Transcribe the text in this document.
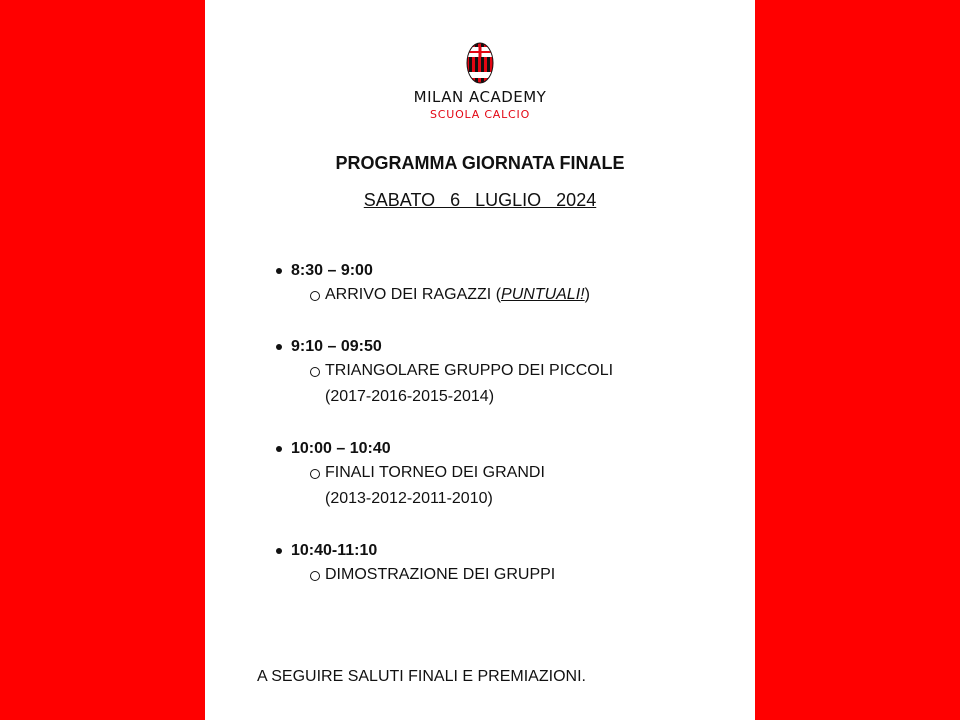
MILAN ACADEMY
SCUOLA CALCIO
PROGRAMMA GIORNATA FINALE
SABATO   6   LUGLIO   2024
8:30 – 9:00
ARRIVO DEI RAGAZZI (PUNTUALI!)
9:10 – 09:50
TRIANGOLARE GRUPPO DEI PICCOLI
(2017-2016-2015-2014)
10:00 – 10:40
FINALI TORNEO DEI GRANDI
(2013-2012-2011-2010)
10:40-11:10
DIMOSTRAZIONE DEI GRUPPI
A SEGUIRE SALUTI FINALI E PREMIAZIONI.
